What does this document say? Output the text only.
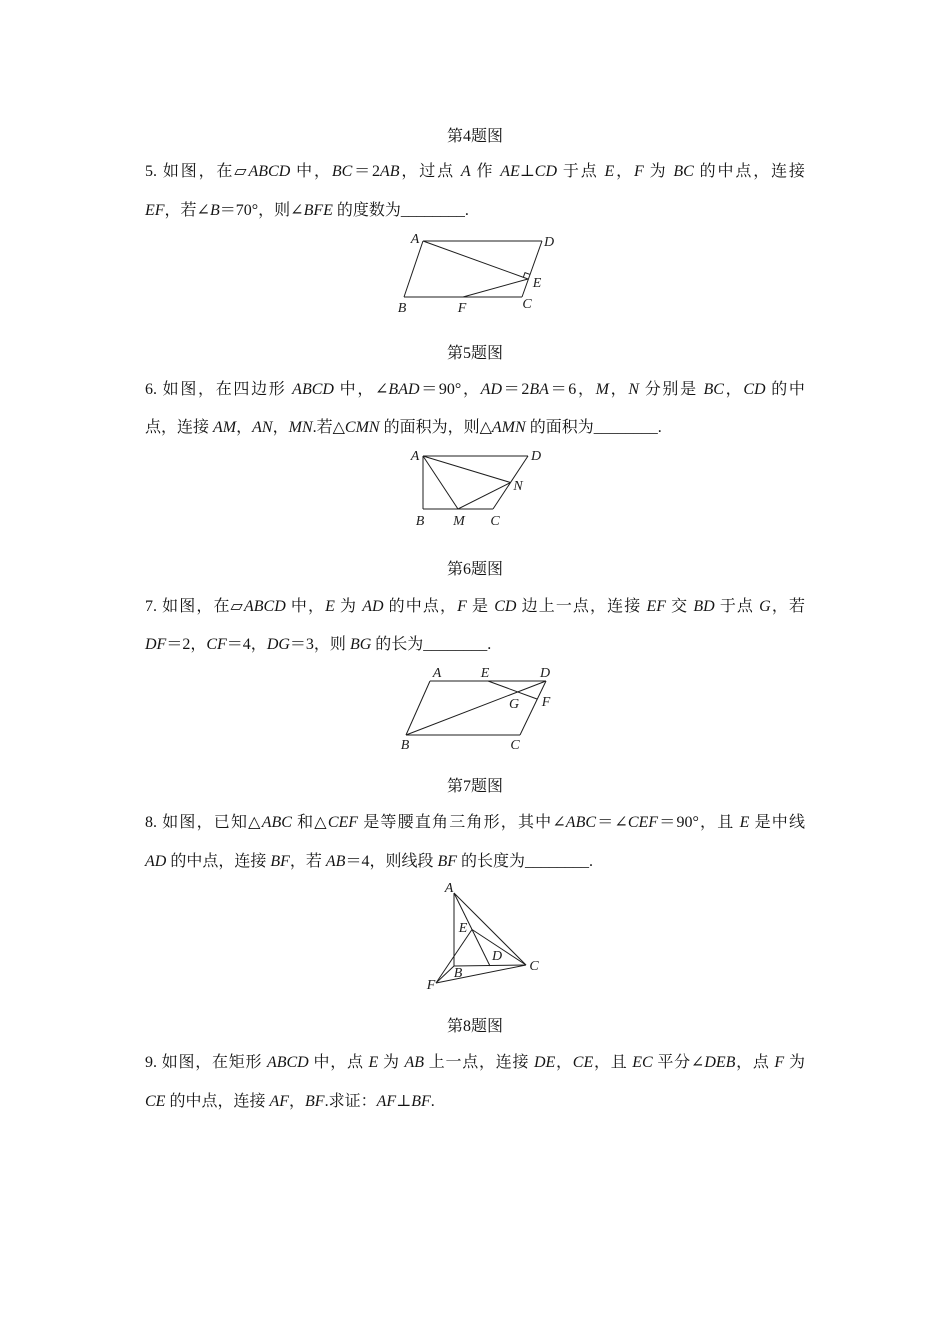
第4题图
5. 如图，在▱ABCD 中，BC＝2AB，过点 A 作 AE⊥CD 于点 E，F 为 BC 的中点，连接
EF，若∠B＝70°，则∠BFE 的度数为________.
A	D
E
C
B	F
第5题图
6. 如图，在四边形 ABCD 中，∠BAD＝90°，AD＝2BA＝6，M，N 分别是 BC，CD 的中
点，连接 AM，AN，MN.若△CMN 的面积为，则△AMN 的面积为________.
A	D
N
B M C
第6题图
7. 如图，在▱ABCD 中，E 为 AD 的中点，F 是 CD 边上一点，连接 EF 交 BD 于点 G，若
DF＝2，CF＝4，DG＝3，则 BG 的长为________.
A	E	D
G F
B	C
第7题图
8. 如图，已知△ABC 和△CEF 是等腰直角三角形，其中∠ABC＝∠CEF＝90°，且 E 是中线
AD 的中点，连接 BF，若 AB＝4，则线段 BF 的长度为________.
A
E
D
C
B
F
第8题图
9. 如图，在矩形 ABCD 中，点 E 为 AB 上一点，连接 DE，CE，且 EC 平分∠DEB，点 F 为
CE 的中点，连接 AF，BF.求证：AF⊥BF.
